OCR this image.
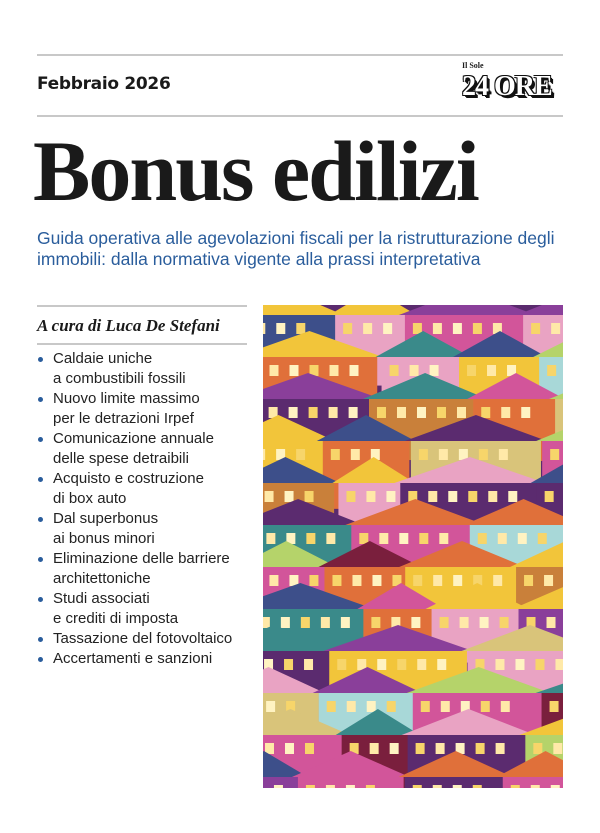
Febbraio 2026
Il Sole
24 ORE
Bonus edilizi
Guida operativa alle agevolazioni fiscali per la ristrutturazione degli immobili: dalla normativa vigente alla prassi interpretativa
A cura di Luca De Stefani
Caldaie uniche
a combustibili fossili
Nuovo limite massimo
per le detrazioni Irpef
Comunicazione annuale
delle spese detraibili
Acquisto e costruzione
di box auto
Dal superbonus
ai bonus minori
Eliminazione delle barriere
architettoniche
Studi associati
e crediti di imposta
Tassazione del fotovoltaico
Accertamenti e sanzioni
